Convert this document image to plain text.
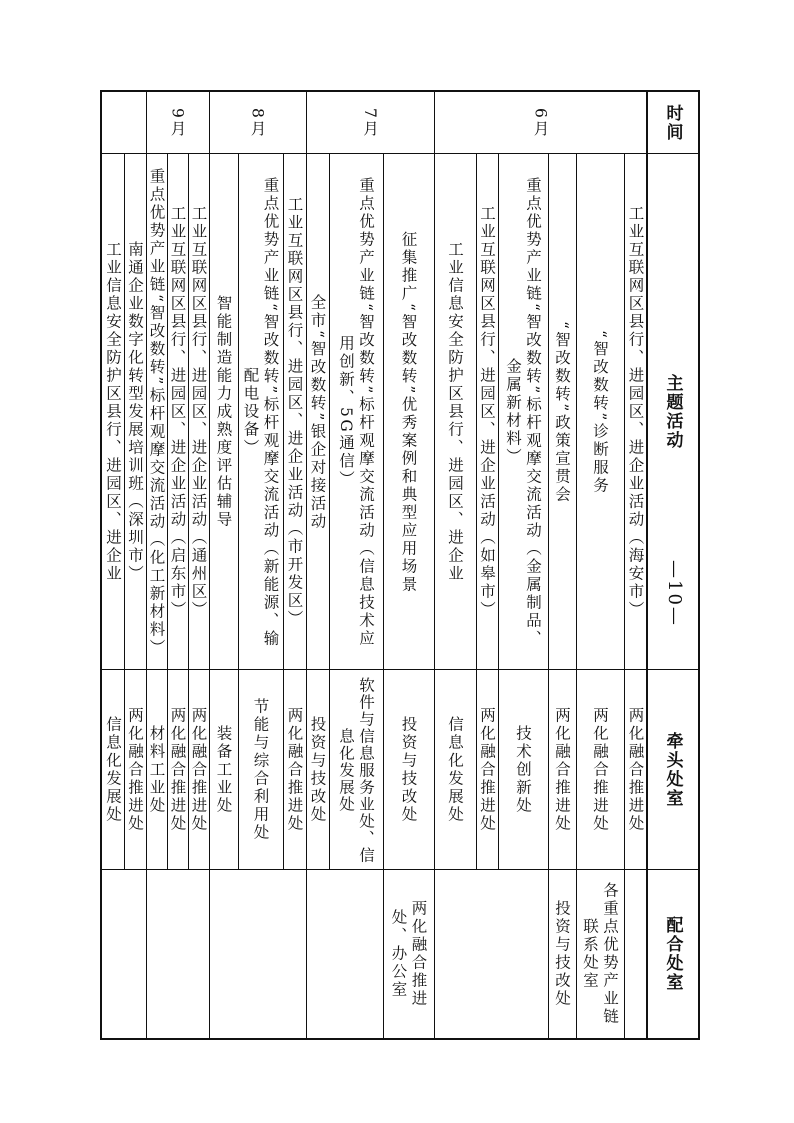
—10—
时间
主题活动
牵头处室
配合处室
6月
7月
8月
9月
工业互联网区县行、进园区、进企业活动（海安市）
两化融合推进处
“智改数转”诊断服务
两化融合推进处
各重点优势产业链联系处室
“智改数转”政策宣贯会
两化融合推进处
投资与技改处
重点优势产业链“智改数转”标杆观摩交流活动（金属制品、金属新材料）
技术创新处
工业互联网区县行、进园区、进企业活动（如皋市）
两化融合推进处
工业信息安全防护区县行、进园区、进企业
信息化发展处
征集推广“智改数转”优秀案例和典型应用场景
投资与技改处
两化融合推进处、办公室
重点优势产业链“智改数转”标杆观摩交流活动（信息技术应用创新、5G通信）
软件与信息服务业处、信息化发展处
全市“智改数转”银企对接活动
投资与技改处
工业互联网区县行、进园区、进企业活动（市开发区）
两化融合推进处
重点优势产业链“智改数转”标杆观摩交流活动（新能源、输配电设备）
节能与综合利用处
智能制造能力成熟度评估辅导
装备工业处
工业互联网区县行、进园区、进企业活动（通州区）
两化融合推进处
工业互联网区县行、进园区、进企业活动（启东市）
两化融合推进处
重点优势产业链“智改数转”标杆观摩交流活动（化工新材料）
材料工业处
南通企业数字化转型发展培训班（深圳市）
两化融合推进处
工业信息安全防护区县行、进园区、进企业
信息化发展处
